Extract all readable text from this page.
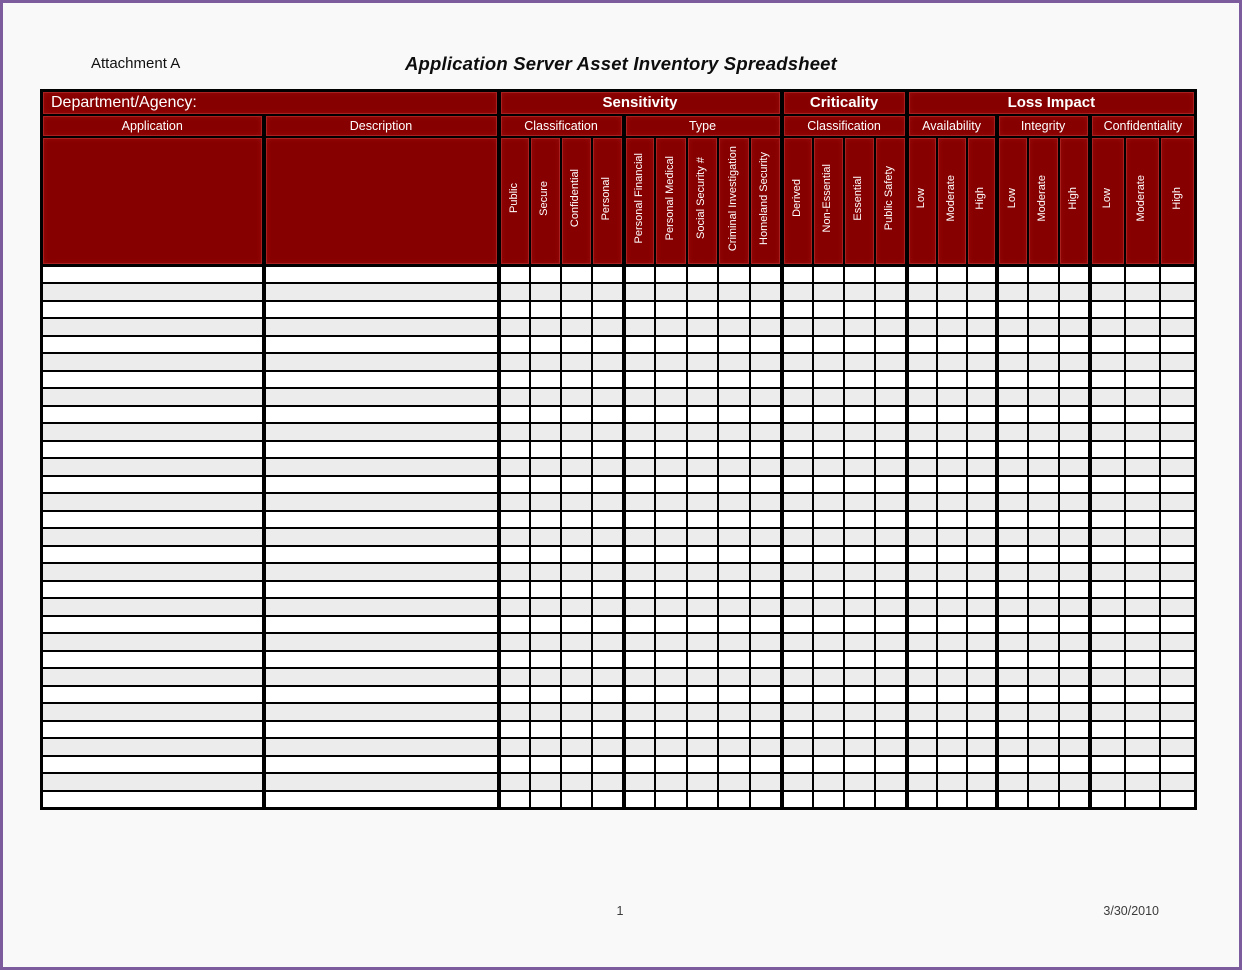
Attachment A	Application Server Asset Inventory Spreadsheet
Department/Agency:		Sensitivity									Criticality				Loss Impact								
Application	Description	Classification				Type					Classification				Availability			Integrity			Confidentiality		
		Public	Secure	Confidential	Personal	Personal Financial	Personal Medical	Social Security #	Criminal Investigation	Homeland Security	Derived	Non-Essential	Essential	Public Safety	Low	Moderate	High	Low	Moderate	High	Low	Moderate	High

1	3/30/2010
